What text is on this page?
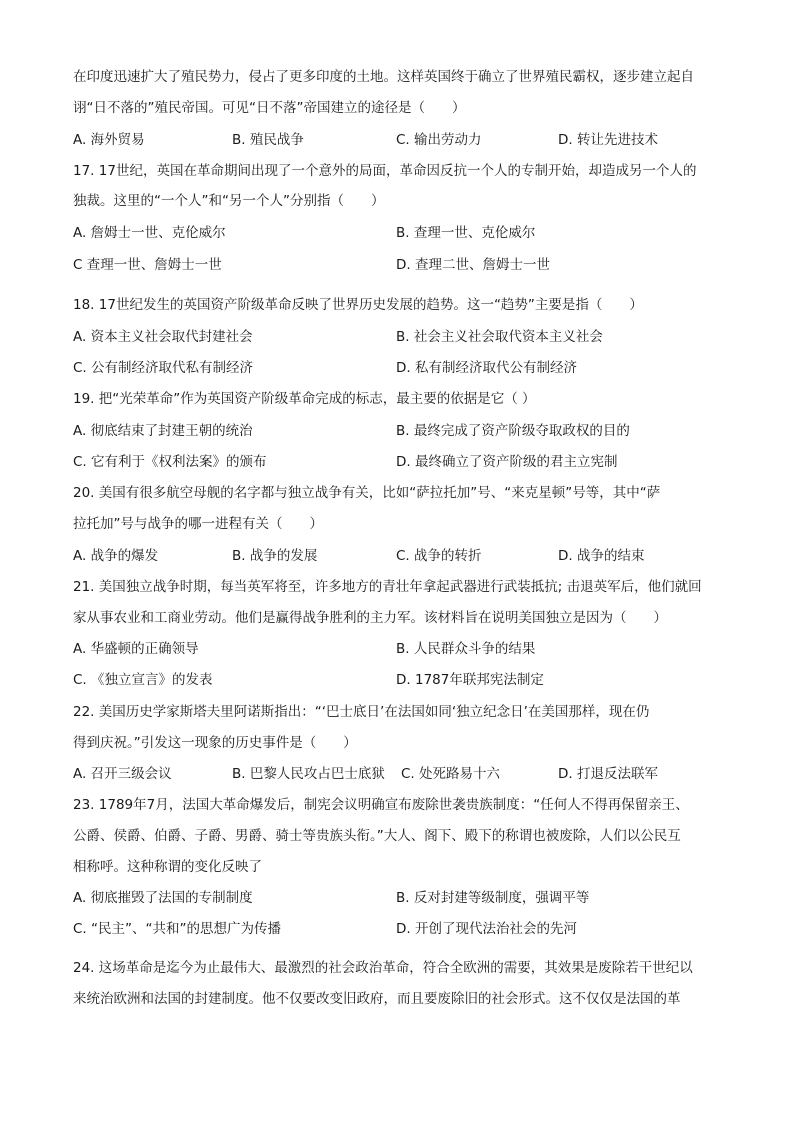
在印度迅速扩大了殖民势力，侵占了更多印度的土地。这样英国终于确立了世界殖民霸权，逐步建立起自
诩“日不落的”殖民帝国。可见“日不落”帝国建立的途径是（　　）
A. 海外贸易	B. 殖民战争	C. 输出劳动力	D. 转让先进技术
17. 17世纪，英国在革命期间出现了一个意外的局面，革命因反抗一个人的专制开始，却造成另一个人的
独裁。这里的“一个人”和“另一个人”分别指（　　）
A. 詹姆士一世、克伦威尔	B. 查理一世、克伦威尔
C 查理一世、詹姆士一世	D. 查理二世、詹姆士一世
18. 17世纪发生的英国资产阶级革命反映了世界历史发展的趋势。这一“趋势”主要是指（　　）
A. 资本主义社会取代封建社会	B. 社会主义社会取代资本主义社会
C. 公有制经济取代私有制经济	D. 私有制经济取代公有制经济
19. 把“光荣革命”作为英国资产阶级革命完成的标志，最主要的依据是它（ ）
A. 彻底结束了封建王朝的统治	B. 最终完成了资产阶级夺取政权的目的
C. 它有利于《权利法案》的颁布	D. 最终确立了资产阶级的君主立宪制
20. 美国有很多航空母舰的名字都与独立战争有关，比如“萨拉托加”号、“来克星顿”号等，其中“萨
拉托加”号与战争的哪一进程有关（　　）
A. 战争的爆发	B. 战争的发展	C. 战争的转折	D. 战争的结束
21. 美国独立战争时期，每当英军将至，许多地方的青壮年拿起武器进行武装抵抗; 击退英军后，他们就回
家从事农业和工商业劳动。他们是赢得战争胜利的主力军。该材料旨在说明美国独立是因为（　　）
A. 华盛顿的正确领导	B. 人民群众斗争的结果
C. 《独立宣言》的发表	D. 1787年联邦宪法制定
22. 美国历史学家斯塔夫里阿诺斯指出：“‘巴士底日’在法国如同‘独立纪念日’在美国那样，现在仍
得到庆祝。”引发这一现象的历史事件是（　　）
A. 召开三级会议	B. 巴黎人民攻占巴士底狱 C. 处死路易十六	D. 打退反法联军
23. 1789年7月，法国大革命爆发后，制宪会议明确宣布废除世袭贵族制度：“任何人不得再保留亲王、
公爵、侯爵、伯爵、子爵、男爵、骑士等贵族头衔。”大人、阁下、殿下的称谓也被废除，人们以公民互
相称呼。这种称谓的变化反映了
A. 彻底摧毁了法国的专制制度	B. 反对封建等级制度，强调平等
C. “民主”、“共和”的思想广为传播	D. 开创了现代法治社会的先河
24. 这场革命是迄今为止最伟大、最激烈的社会政治革命，符合全欧洲的需要，其效果是废除若干世纪以
来统治欧洲和法国的封建制度。他不仅要改变旧政府，而且要废除旧的社会形式。这不仅仅是法国的革
